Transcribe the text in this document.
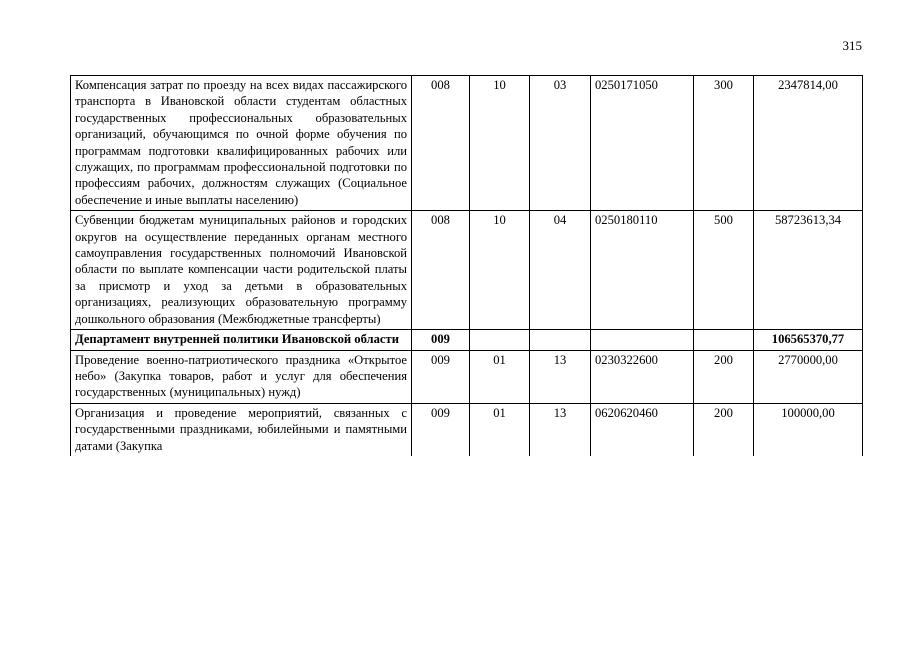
315
Компенсация затрат по проезду на всех видах пассажирского транспорта в Ивановской области студентам областных государственных профессиональных образовательных организаций, обучающимся по очной форме обучения по программам подготовки квалифицированных рабочих или служащих, по программам профессиональной подготовки по профессиям рабочих, должностям служащих (Социальное обеспечение и иные выплаты населению)	008	10	03	0250171050	300	2347814,00
Субвенции бюджетам муниципальных районов и городских округов на осуществление переданных органам местного самоуправления государственных полномочий Ивановской области по выплате компенсации части родительской платы за присмотр и уход за детьми в образовательных организациях, реализующих образовательную программу дошкольного образования (Межбюджетные трансферты)	008	10	04	0250180110	500	58723613,34
Департамент внутренней политики Ивановской области	009					106565370,77
Проведение военно-патриотического праздника «Открытое небо» (Закупка товаров, работ и услуг для обеспечения государственных (муниципальных) нужд)	009	01	13	0230322600	200	2770000,00
Организация и проведение мероприятий, связанных с государственными праздниками, юбилейными и памятными датами (Закупка	009	01	13	0620620460	200	100000,00
